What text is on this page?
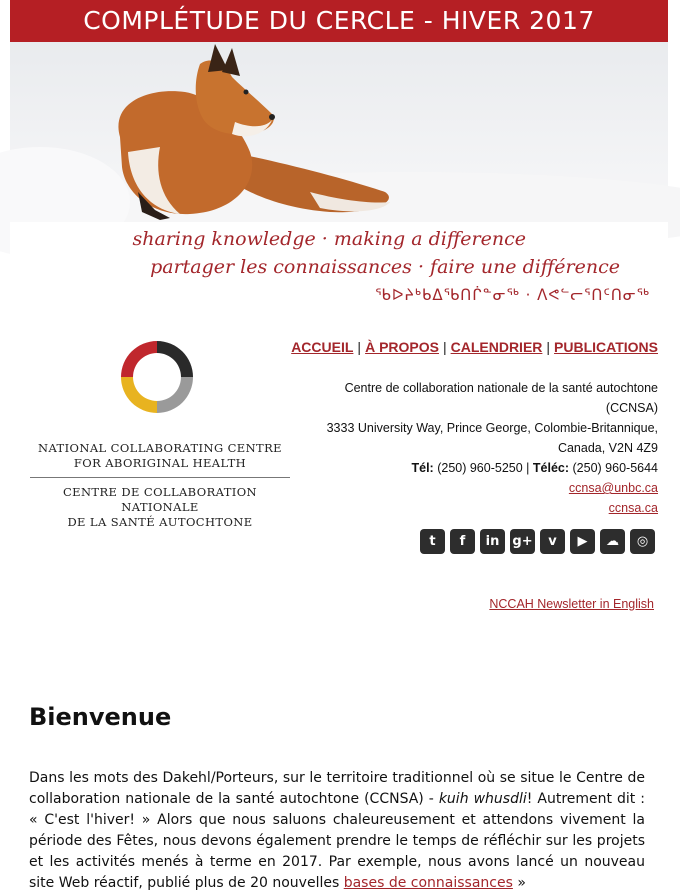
COMPLÉTUDE DU CERCLE - HIVER 2017
sharing knowledge · making a difference
partager les connaissances · faire une différence
ᖃᐅᔨᒃᑲᐃᖃᑎᒌᓐᓂᖅ · ᐱᕙᓪᓕᕐᑎᑦᑎᓂᖅ
NATIONAL COLLABORATING CENTRE
FOR ABORIGINAL HEALTH
CENTRE DE COLLABORATION NATIONALE
DE LA SANTÉ AUTOCHTONE
ACCUEIL | À PROPOS | CALENDRIER | PUBLICATIONS
Centre de collaboration nationale de la santé autochtone
(CCNSA)
3333 University Way, Prince George, Colombie-Britannique,
Canada, V2N 4Z9
Tél: (250) 960-5250 | Téléc: (250) 960-5644
ccnsa@unbc.ca
ccnsa.ca
t	f	in	g+	v	▶	☁	◎
NCCAH Newsletter in English
Bienvenue

Dans les mots des Dakehl/Porteurs, sur le territoire traditionnel où se situe le Centre de collaboration nationale de la santé autochtone (CCNSA) - kuih whusdli! Autrement dit : « C'est l'hiver! » Alors que nous saluons chaleureusement et attendons vivement la période des Fêtes, nous devons également prendre le temps de réfléchir sur les projets et les activités menés à terme en 2017. Par exemple, nous avons lancé un nouveau site Web réactif, publié plus de 20 nouvelles bases de connaissances »
